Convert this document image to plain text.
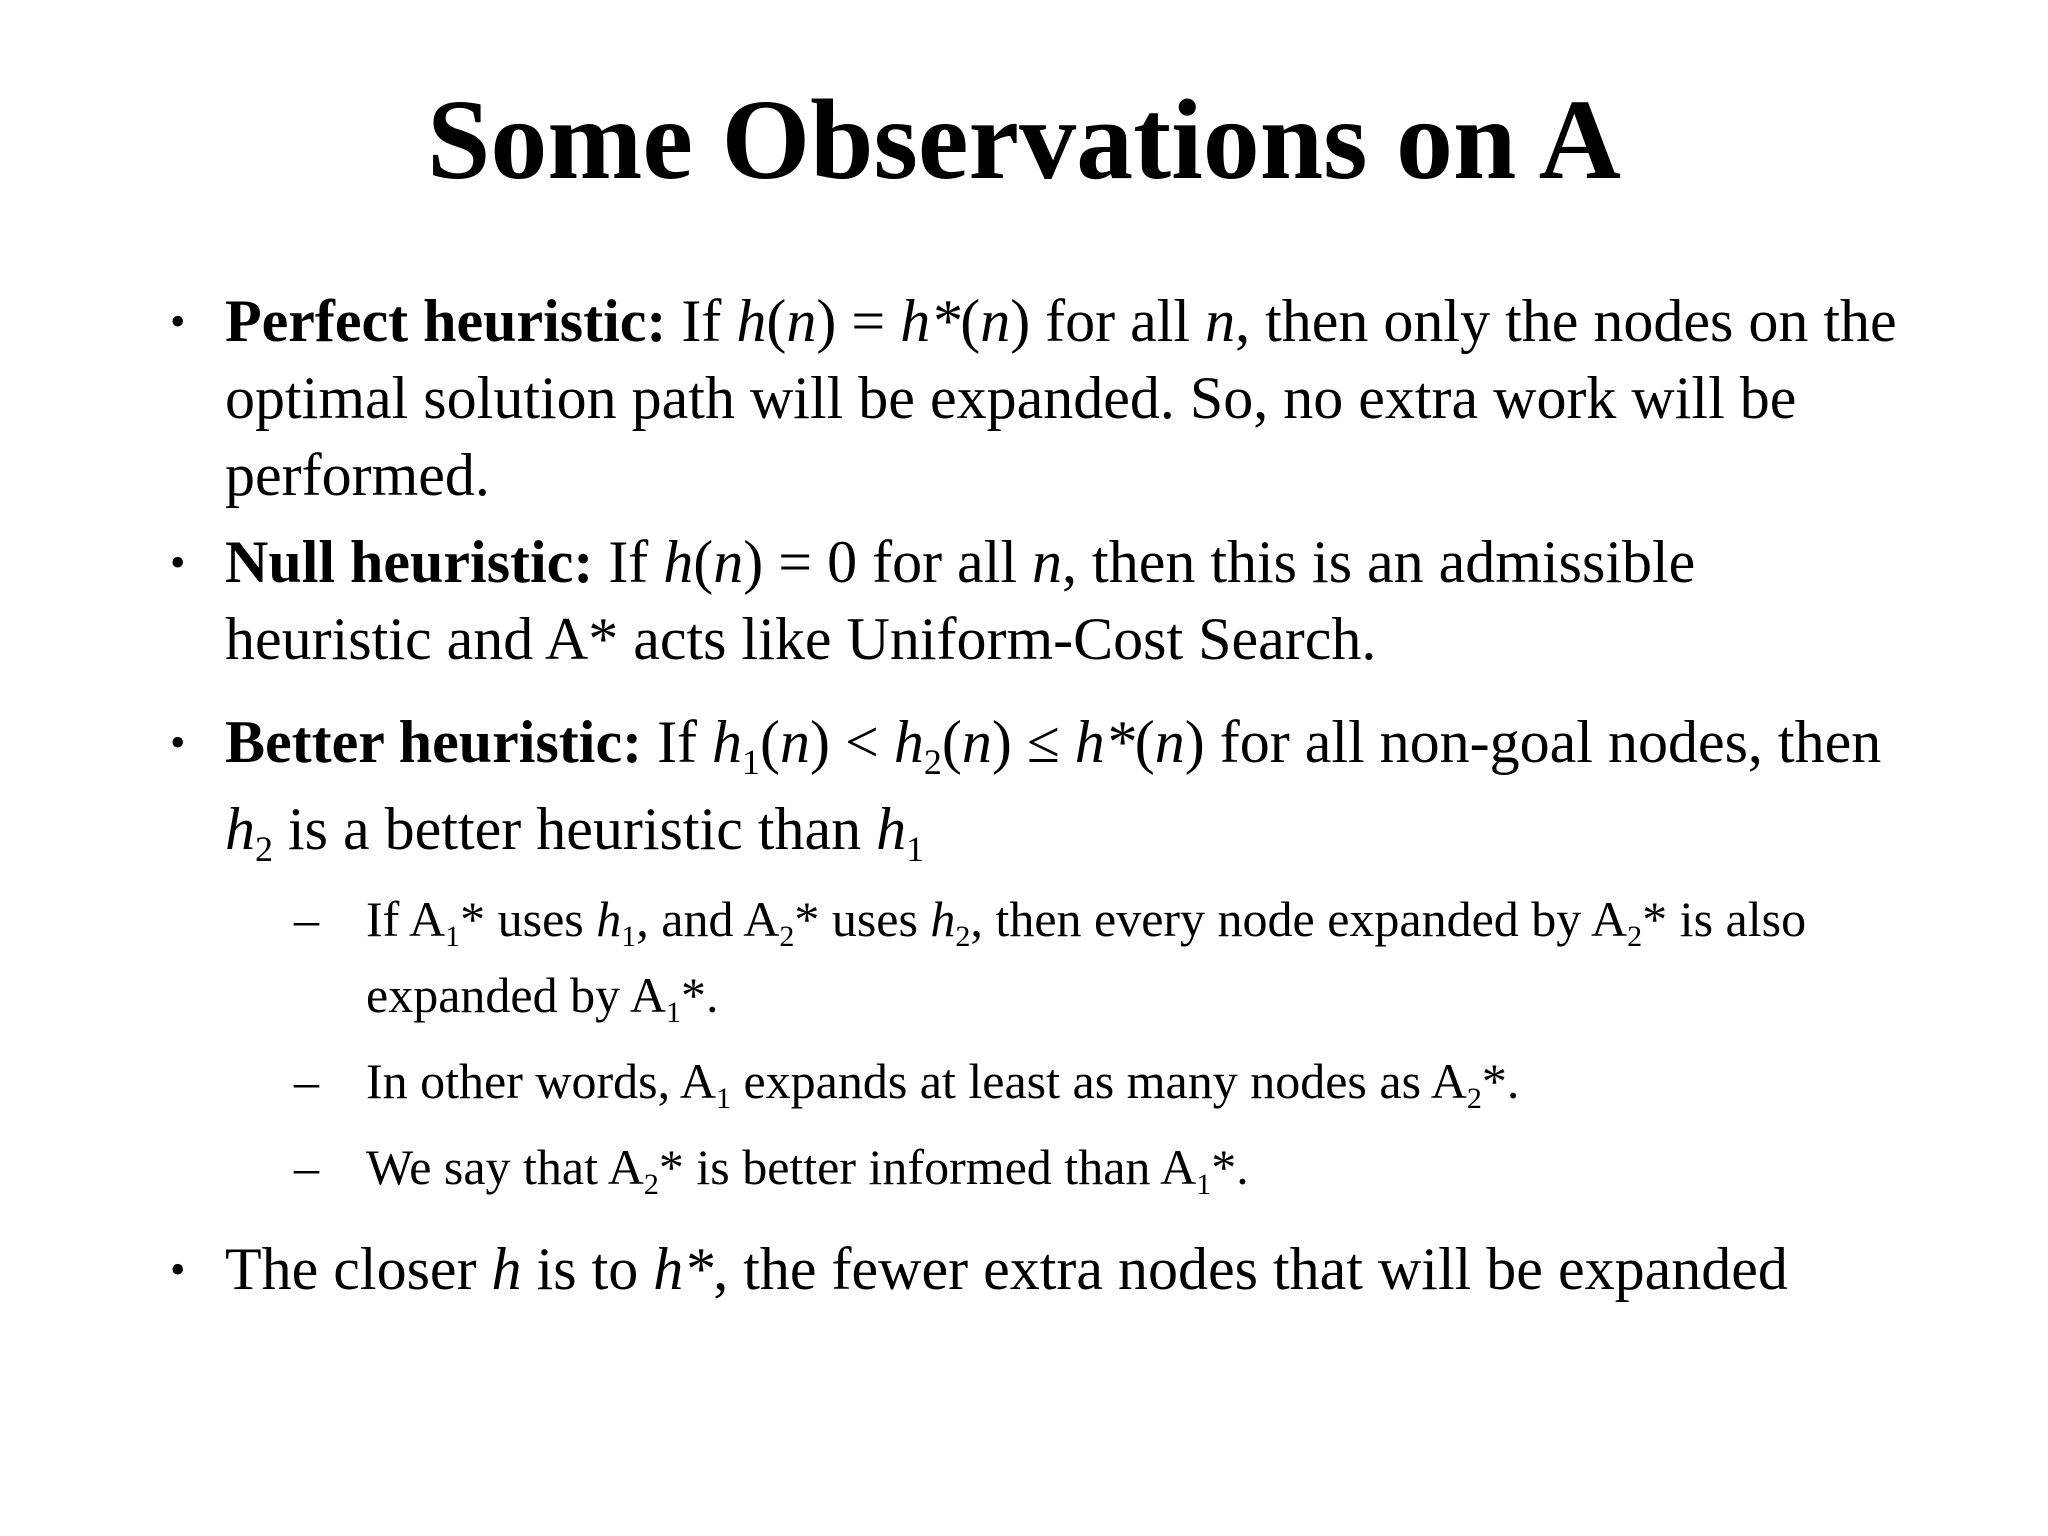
Some Observations on A
• Perfect heuristic: If h(n) = h*(n) for all n, then only the nodes on the optimal solution path will be expanded. So, no extra work will be performed.
• Null heuristic: If h(n) = 0 for all n, then this is an admissible heuristic and A* acts like Uniform-Cost Search.
• Better heuristic: If $h_1(n) < h_2(n) \le h*(n)$ for all non-goal nodes, then $h_2$ is a better heuristic than $h_1$
– If $A_1*$ uses $h_1$, and $A_2*$ uses $h_2$, then every node expanded by $A_2*$ is also expanded by $A_1*$.
– In other words, $A_1$ expands at least as many nodes as $A_2*$.
– We say that $A_2*$ is better informed than $A_1*$.
• The closer h is to h*, the fewer extra nodes that will be expanded
